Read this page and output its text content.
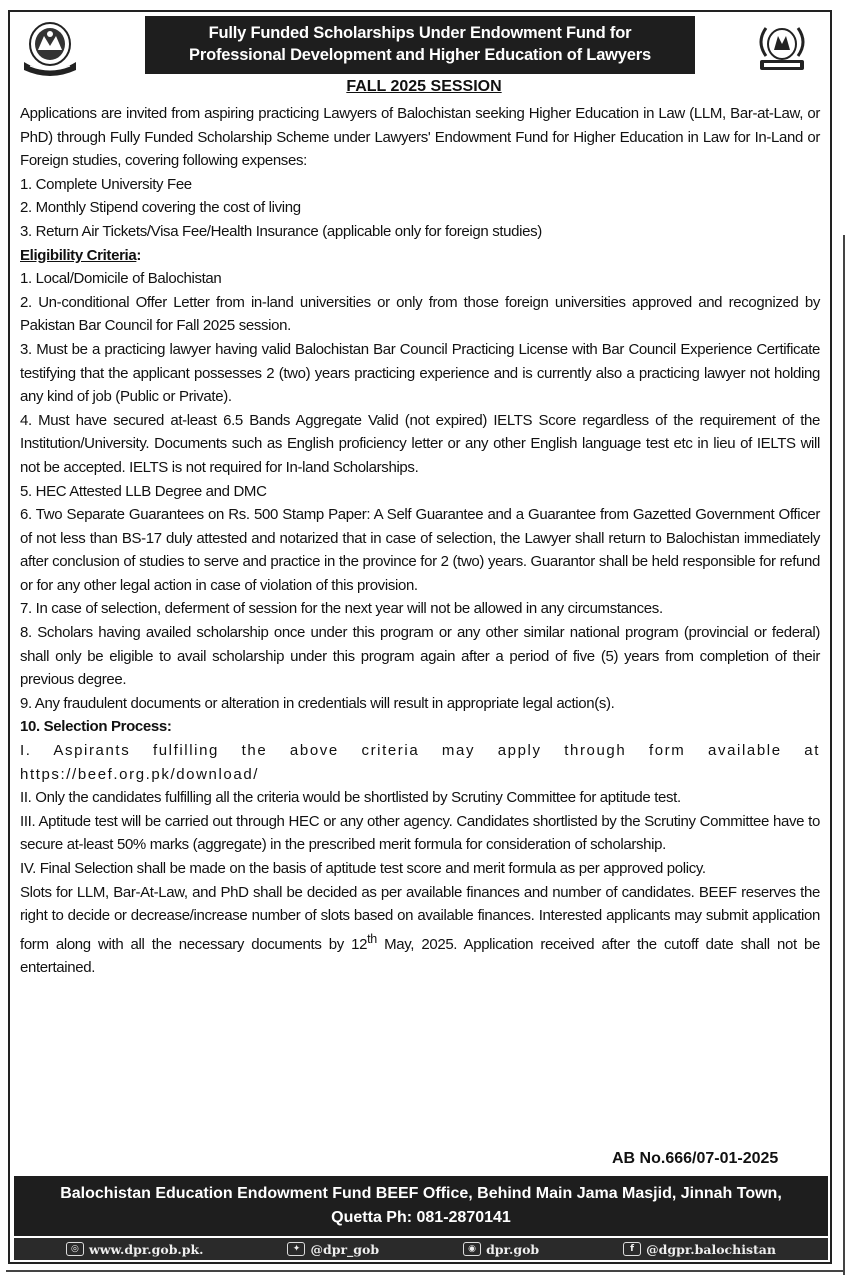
Fully Funded Scholarships Under Endowment Fund for
Professional Development and Higher Education of Lawyers
FALL 2025 SESSION

Applications are invited from aspiring practicing Lawyers of Balochistan seeking Higher Education in Law (LLM, Bar-at-Law, or PhD) through Fully Funded Scholarship Scheme under Lawyers' Endowment Fund for Higher Education in Law for In-Land or Foreign studies, covering following expenses:

1. Complete University Fee

2. Monthly Stipend covering the cost of living

3. Return Air Tickets/Visa Fee/Health Insurance (applicable only for foreign studies)

Eligibility Criteria:

1. Local/Domicile of Balochistan

2. Un-conditional Offer Letter from in-land universities or only from those foreign universities approved and recognized by Pakistan Bar Council for Fall 2025 session.

3. Must be a practicing lawyer having valid Balochistan Bar Council Practicing License with Bar Council Experience Certificate testifying that the applicant possesses 2 (two) years practicing experience and is currently also a practicing lawyer not holding any kind of job (Public or Private).

4. Must have secured at-least 6.5 Bands Aggregate Valid (not expired) IELTS Score regardless of the requirement of the Institution/University. Documents such as English proficiency letter or any other English language test etc in lieu of IELTS will not be accepted. IELTS is not required for In-land Scholarships.

5. HEC Attested LLB Degree and DMC

6. Two Separate Guarantees on Rs. 500 Stamp Paper: A Self Guarantee and a Guarantee from Gazetted Government Officer of not less than BS-17 duly attested and notarized that in case of selection, the Lawyer shall return to Balochistan immediately after conclusion of studies to serve and practice in the province for 2 (two) years. Guarantor shall be held responsible for refund or for any other legal action in case of violation of this provision.

7. In case of selection, deferment of session for the next year will not be allowed in any circumstances.

8. Scholars having availed scholarship once under this program or any other similar national program (provincial or federal) shall only be eligible to avail scholarship under this program again after a period of five (5) years from completion of their previous degree.

9. Any fraudulent documents or alteration in credentials will result in appropriate legal action(s).

10. Selection Process:

I. Aspirants fulfilling the above criteria may apply through form available at https://beef.org.pk/download/

II. Only the candidates fulfilling all the criteria would be shortlisted by Scrutiny Committee for aptitude test.

III. Aptitude test will be carried out through HEC or any other agency. Candidates shortlisted by the Scrutiny Committee have to secure at-least 50% marks (aggregate) in the prescribed merit formula for consideration of scholarship.

IV. Final Selection shall be made on the basis of aptitude test score and merit formula as per approved policy.

Slots for LLM, Bar-At-Law, and PhD shall be decided as per available finances and number of candidates. BEEF reserves the right to decide or decrease/increase number of slots based on available finances. Interested applicants may submit application form along with all the necessary documents by 12th May, 2025. Application received after the cutoff date shall not be entertained.

AB No.666/07-01-2025
Balochistan Education Endowment Fund BEEF Office, Behind Main Jama Masjid, Jinnah Town,
Quetta Ph: 081-2870141
◎ www.dpr.gob.pk.	✦ @dpr_gob	◉ dpr.gob	f @dgpr.balochistan
